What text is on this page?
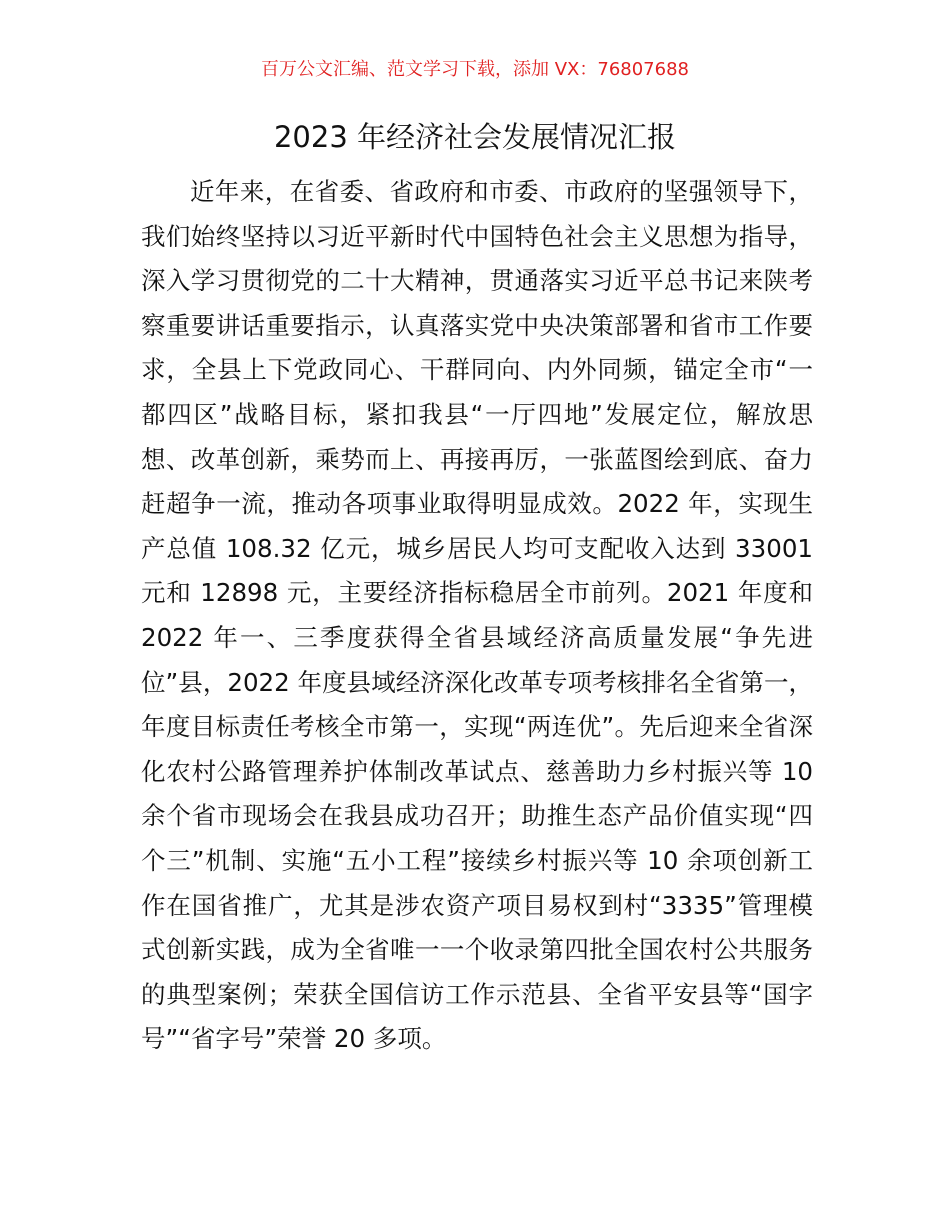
百万公文汇编、范文学习下载，添加 VX：76807688

2023 年经济社会发展情况汇报

近年来，在省委、省政府和市委、市政府的坚强领导下，我们始终坚持以习近平新时代中国特色社会主义思想为指导，深入学习贯彻党的二十大精神，贯通落实习近平总书记来陕考察重要讲话重要指示，认真落实党中央决策部署和省市工作要求，全县上下党政同心、干群同向、内外同频，锚定全市“一都四区”战略目标，紧扣我县“一厅四地”发展定位，解放思想、改革创新，乘势而上、再接再厉，一张蓝图绘到底、奋力赶超争一流，推动各项事业取得明显成效。2022 年，实现生产总值 108.32 亿元，城乡居民人均可支配收入达到 33001 元和 12898 元，主要经济指标稳居全市前列。2021 年度和 2022 年一、三季度获得全省县域经济高质量发展“争先进位”县，2022 年度县域经济深化改革专项考核排名全省第一，年度目标责任考核全市第一，实现“两连优”。先后迎来全省深化农村公路管理养护体制改革试点、慈善助力乡村振兴等 10 余个省市现场会在我县成功召开；助推生态产品价值实现“四个三”机制、实施“五小工程”接续乡村振兴等 10 余项创新工作在国省推广，尤其是涉农资产项目易权到村“3335”管理模式创新实践，成为全省唯一一个收录第四批全国农村公共服务的典型案例；荣获全国信访工作示范县、全省平安县等“国字号”“省字号”荣誉 20 多项。
